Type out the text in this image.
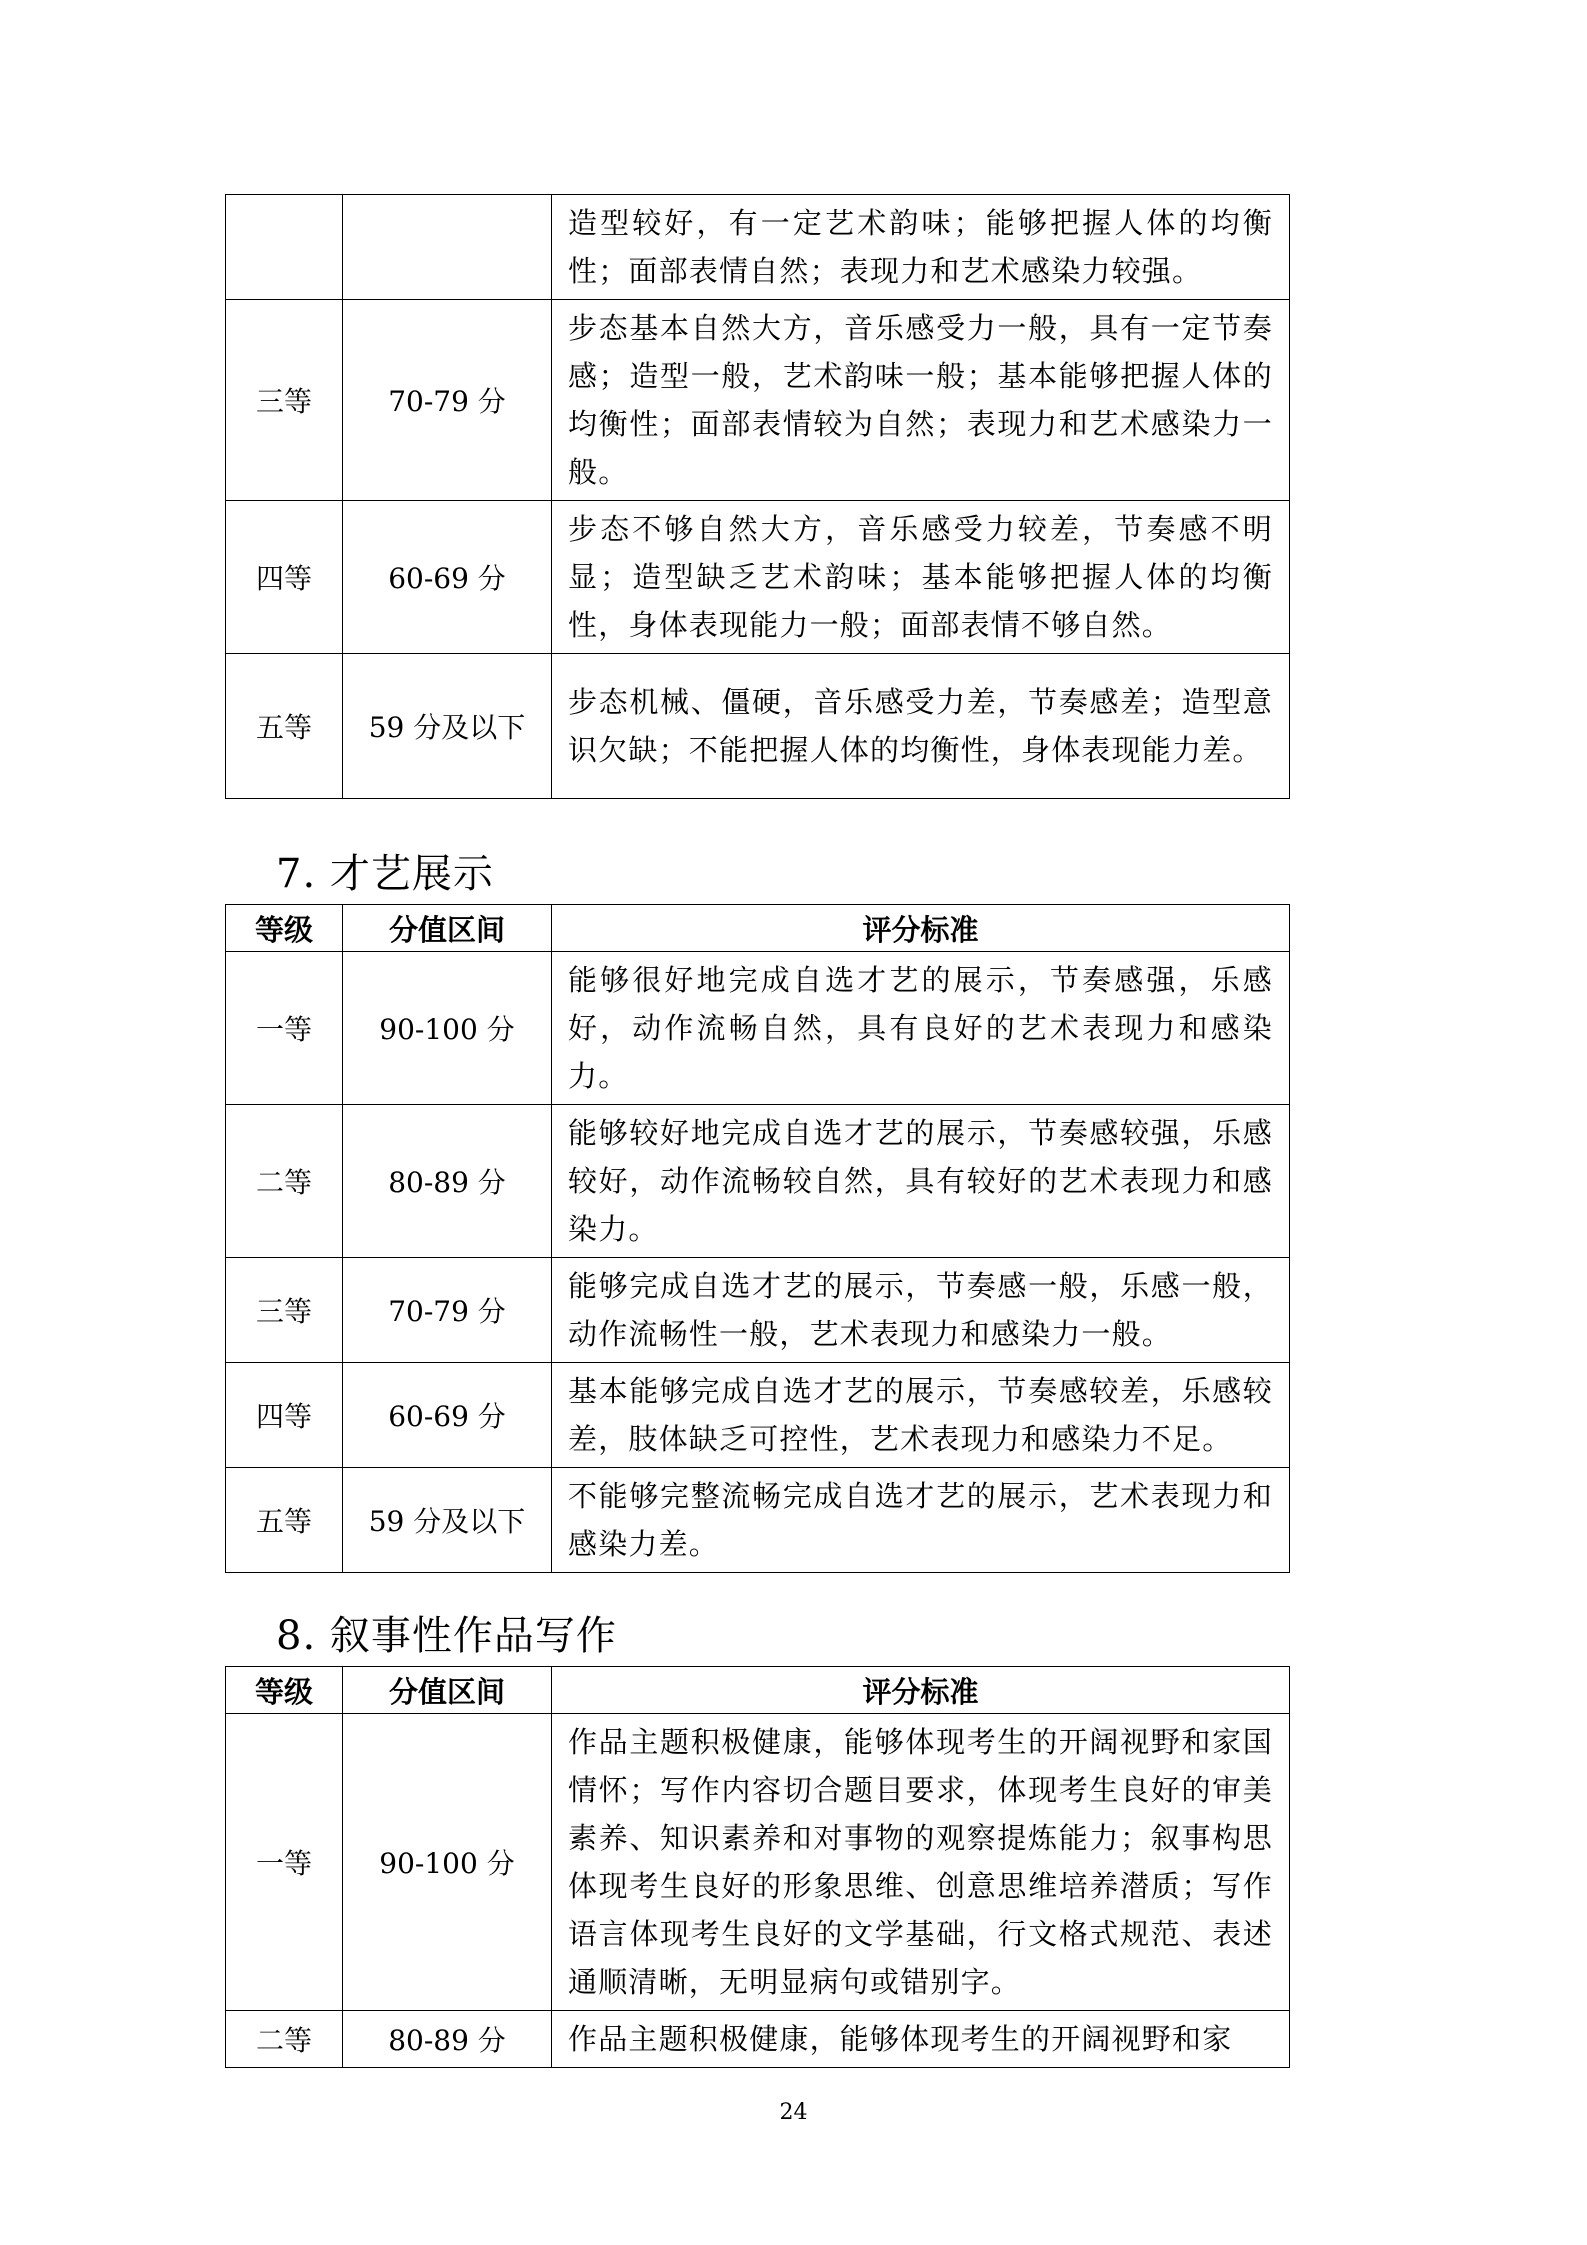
		造型较好，有一定艺术韵味；能够把握人体的均衡性；面部表情自然；表现力和艺术感染力较强。
三等	70-79 分	步态基本自然大方，音乐感受力一般，具有一定节奏感；造型一般，艺术韵味一般；基本能够把握人体的均衡性；面部表情较为自然；表现力和艺术感染力一般。
四等	60-69 分	步态不够自然大方，音乐感受力较差，节奏感不明显；造型缺乏艺术韵味；基本能够把握人体的均衡性，身体表现能力一般；面部表情不够自然。
五等	59 分及以下	步态机械、僵硬，音乐感受力差，节奏感差；造型意识欠缺；不能把握人体的均衡性，身体表现能力差。
7. 才艺展示
等级	分值区间	评分标准
一等	90-100 分	能够很好地完成自选才艺的展示，节奏感强，乐感好，动作流畅自然，具有良好的艺术表现力和感染力。
二等	80-89 分	能够较好地完成自选才艺的展示，节奏感较强，乐感较好，动作流畅较自然，具有较好的艺术表现力和感染力。
三等	70-79 分	能够完成自选才艺的展示，节奏感一般，乐感一般，动作流畅性一般，艺术表现力和感染力一般。
四等	60-69 分	基本能够完成自选才艺的展示，节奏感较差，乐感较差，肢体缺乏可控性，艺术表现力和感染力不足。
五等	59 分及以下	不能够完整流畅完成自选才艺的展示，艺术表现力和感染力差。
8. 叙事性作品写作
等级	分值区间	评分标准
一等	90-100 分	作品主题积极健康，能够体现考生的开阔视野和家国情怀；写作内容切合题目要求，体现考生良好的审美素养、知识素养和对事物的观察提炼能力；叙事构思体现考生良好的形象思维、创意思维培养潜质；写作语言体现考生良好的文学基础，行文格式规范、表述通顺清晰，无明显病句或错别字。
二等	80-89 分	作品主题积极健康，能够体现考生的开阔视野和家
24
